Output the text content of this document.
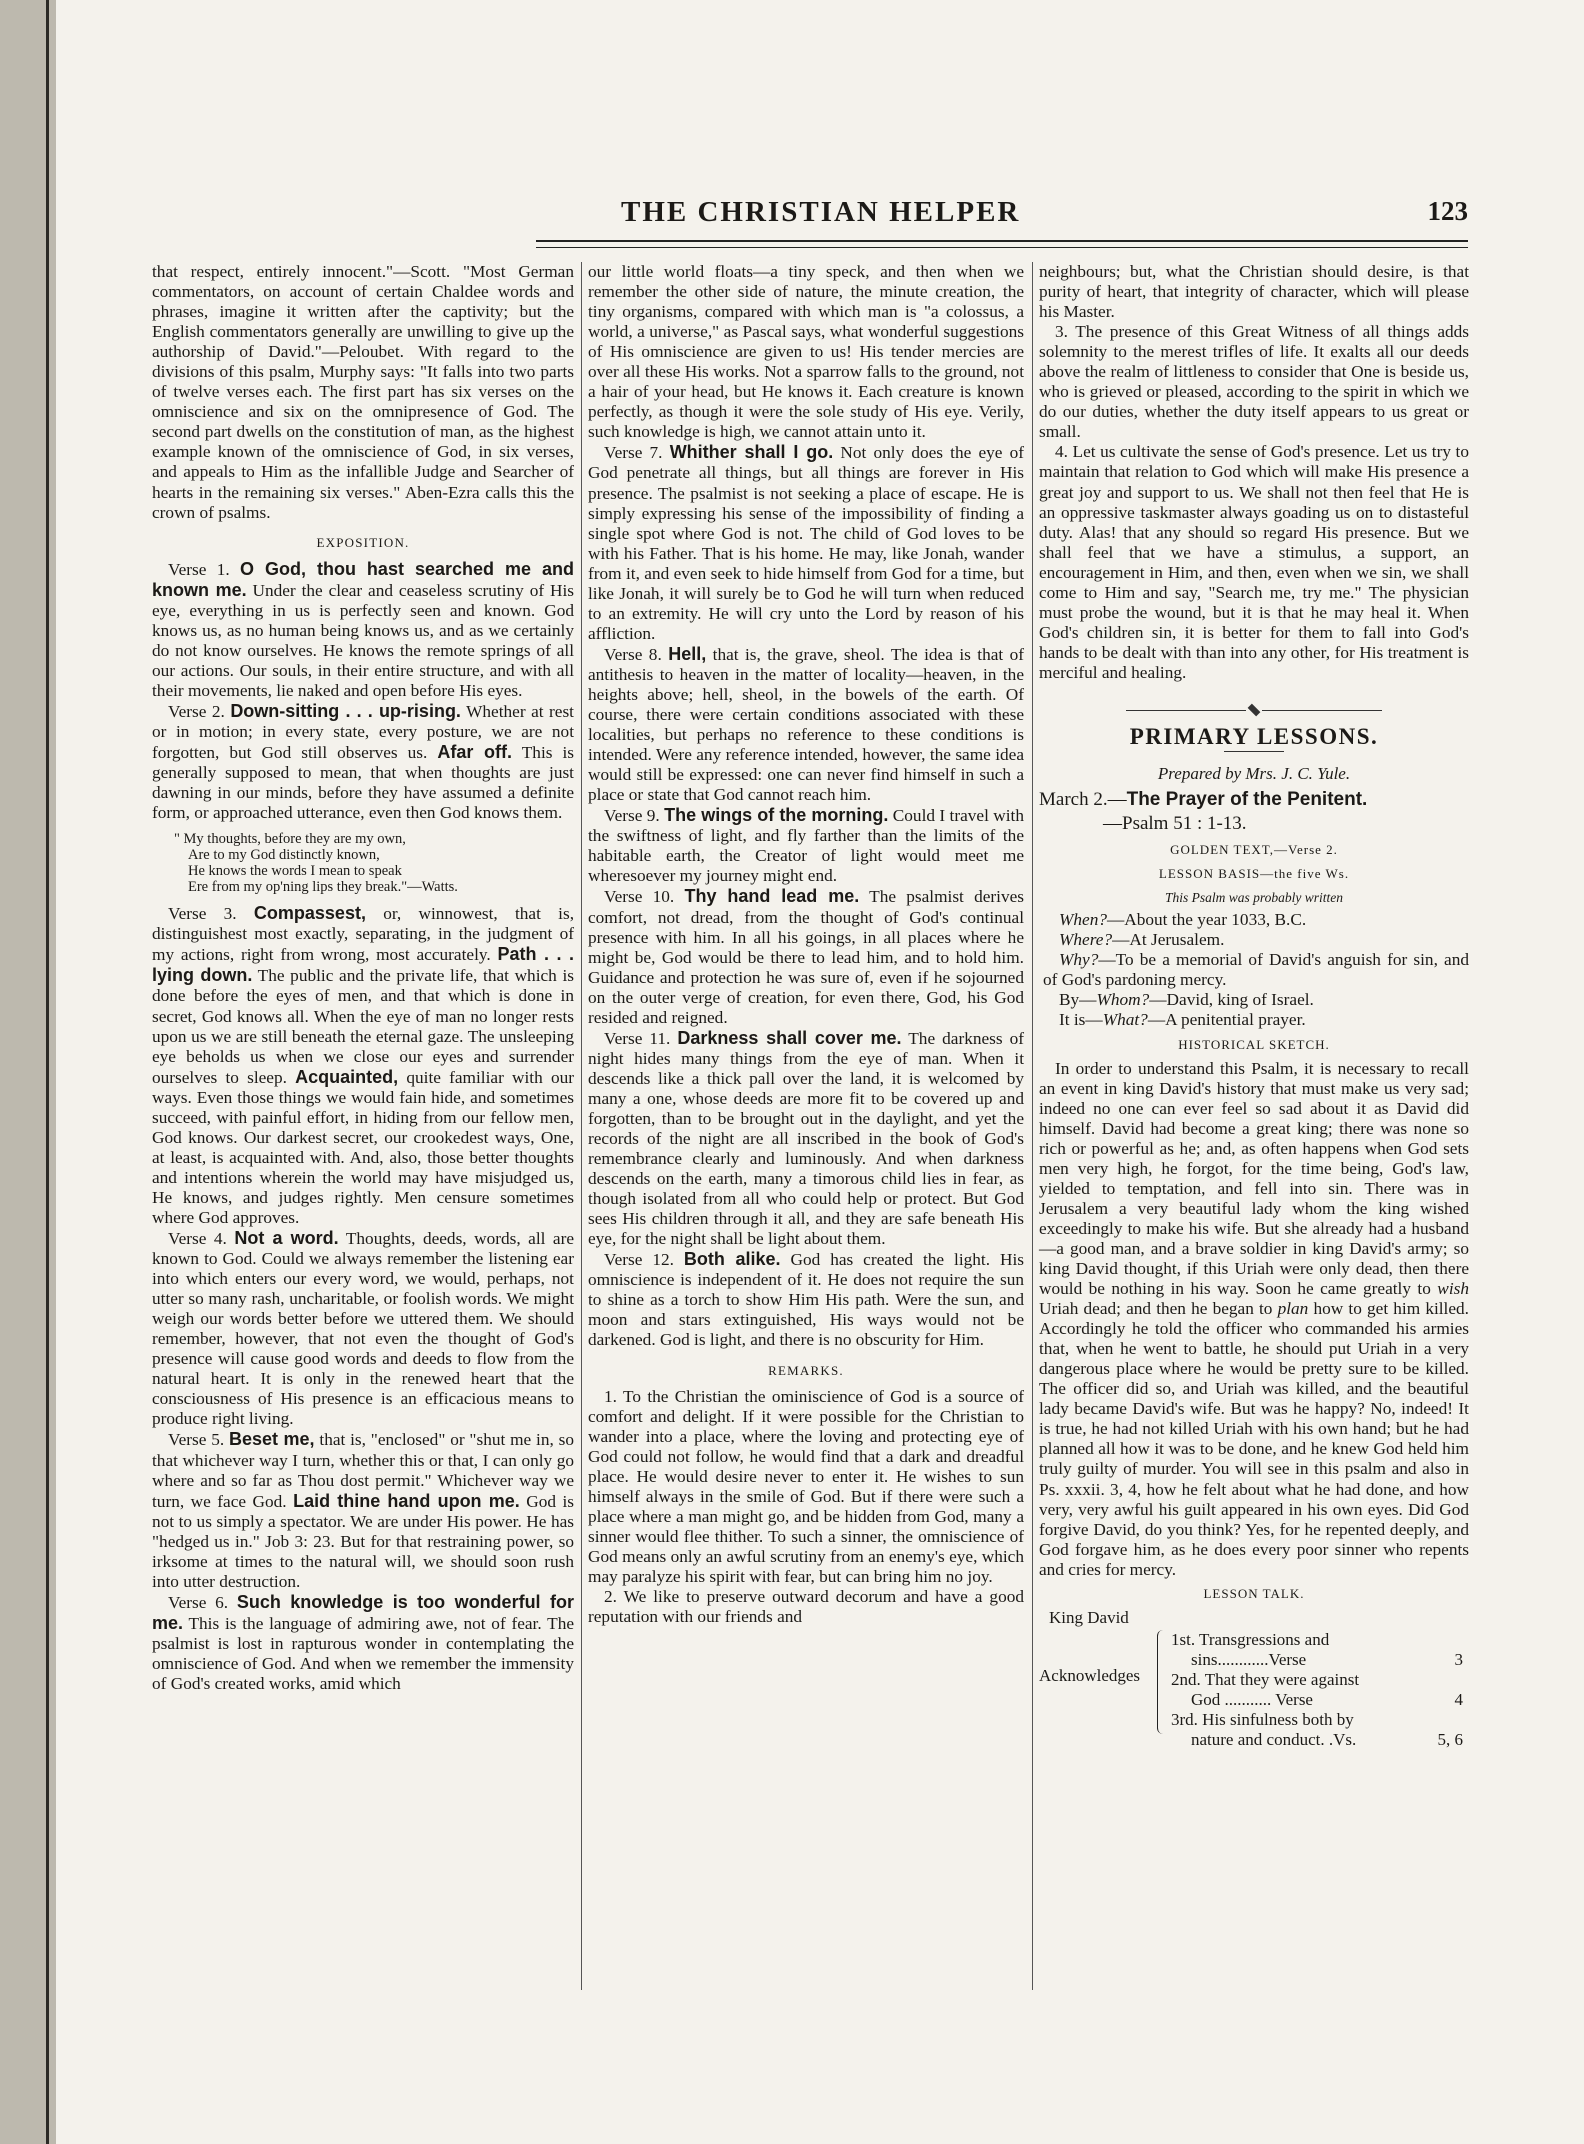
THE CHRISTIAN HELPER	123

that respect, entirely innocent."—Scott. "Most German commentators, on account of certain Chaldee words and phrases, imagine it written after the captivity; but the English commentators generally are unwilling to give up the authorship of David."—Peloubet. With regard to the divisions of this psalm, Murphy says: "It falls into two parts of twelve verses each. The first part has six verses on the omniscience and six on the omnipresence of God. The second part dwells on the constitution of man, as the highest example known of the omniscience of God, in six verses, and appeals to Him as the infallible Judge and Searcher of hearts in the remaining six verses." Aben-Ezra calls this the crown of psalms.

EXPOSITION.

Verse 1. O God, thou hast searched me and known me. Under the clear and ceaseless scrutiny of His eye, everything in us is perfectly seen and known. God knows us, as no human being knows us, and as we certainly do not know ourselves. He knows the remote springs of all our actions. Our souls, in their entire structure, and with all their movements, lie naked and open before His eyes.

Verse 2. Down-sitting . . . up-rising. Whether at rest or in motion; in every state, every posture, we are not forgotten, but God still observes us. Afar off. This is generally supposed to mean, that when thoughts are just dawning in our minds, before they have assumed a definite form, or approached utterance, even then God knows them.

" My thoughts, before they are my own,
Are to my God distinctly known,
He knows the words I mean to speak
Ere from my op'ning lips they break."—Watts.

Verse 3. Compassest, or, winnowest, that is, distinguishest most exactly, separating, in the judgment of my actions, right from wrong, most accurately. Path . . . lying down. The public and the private life, that which is done before the eyes of men, and that which is done in secret, God knows all. When the eye of man no longer rests upon us we are still beneath the eternal gaze. The unsleeping eye beholds us when we close our eyes and surrender ourselves to sleep. Acquainted, quite familiar with our ways. Even those things we would fain hide, and sometimes succeed, with painful effort, in hiding from our fellow men, God knows. Our darkest secret, our crookedest ways, One, at least, is acquainted with. And, also, those better thoughts and intentions wherein the world may have misjudged us, He knows, and judges rightly. Men censure sometimes where God approves.

Verse 4. Not a word. Thoughts, deeds, words, all are known to God. Could we always remember the listening ear into which enters our every word, we would, perhaps, not utter so many rash, uncharitable, or foolish words. We might weigh our words better before we uttered them. We should remember, however, that not even the thought of God's presence will cause good words and deeds to flow from the natural heart. It is only in the renewed heart that the consciousness of His presence is an efficacious means to produce right living.

Verse 5. Beset me, that is, "enclosed" or "shut me in, so that whichever way I turn, whether this or that, I can only go where and so far as Thou dost permit." Whichever way we turn, we face God. Laid thine hand upon me. God is not to us simply a spectator. We are under His power. He has "hedged us in." Job 3: 23. But for that restraining power, so irksome at times to the natural will, we should soon rush into utter destruction.

Verse 6. Such knowledge is too wonderful for me. This is the language of admiring awe, not of fear. The psalmist is lost in rapturous wonder in contemplating the omniscience of God. And when we remember the immensity of God's created works, amid which

our little world floats—a tiny speck, and then when we remember the other side of nature, the minute creation, the tiny organisms, compared with which man is "a colossus, a world, a universe," as Pascal says, what wonderful suggestions of His omniscience are given to us! His tender mercies are over all these His works. Not a sparrow falls to the ground, not a hair of your head, but He knows it. Each creature is known perfectly, as though it were the sole study of His eye. Verily, such knowledge is high, we cannot attain unto it.

Verse 7. Whither shall I go. Not only does the eye of God penetrate all things, but all things are forever in His presence. The psalmist is not seeking a place of escape. He is simply expressing his sense of the impossibility of finding a single spot where God is not. The child of God loves to be with his Father. That is his home. He may, like Jonah, wander from it, and even seek to hide himself from God for a time, but like Jonah, it will surely be to God he will turn when reduced to an extremity. He will cry unto the Lord by reason of his affliction.

Verse 8. Hell, that is, the grave, sheol. The idea is that of antithesis to heaven in the matter of locality—heaven, in the heights above; hell, sheol, in the bowels of the earth. Of course, there were certain conditions associated with these localities, but perhaps no reference to these conditions is intended. Were any reference intended, however, the same idea would still be expressed: one can never find himself in such a place or state that God cannot reach him.

Verse 9. The wings of the morning. Could I travel with the swiftness of light, and fly farther than the limits of the habitable earth, the Creator of light would meet me wheresoever my journey might end.

Verse 10. Thy hand lead me. The psalmist derives comfort, not dread, from the thought of God's continual presence with him. In all his goings, in all places where he might be, God would be there to lead him, and to hold him. Guidance and protection he was sure of, even if he sojourned on the outer verge of creation, for even there, God, his God resided and reigned.

Verse 11. Darkness shall cover me. The darkness of night hides many things from the eye of man. When it descends like a thick pall over the land, it is welcomed by many a one, whose deeds are more fit to be covered up and forgotten, than to be brought out in the daylight, and yet the records of the night are all inscribed in the book of God's remembrance clearly and luminously. And when darkness descends on the earth, many a timorous child lies in fear, as though isolated from all who could help or protect. But God sees His children through it all, and they are safe beneath His eye, for the night shall be light about them.

Verse 12. Both alike. God has created the light. His omniscience is independent of it. He does not require the sun to shine as a torch to show Him His path. Were the sun, and moon and stars extinguished, His ways would not be darkened. God is light, and there is no obscurity for Him.

REMARKS.

1. To the Christian the ominiscience of God is a source of comfort and delight. If it were possible for the Christian to wander into a place, where the loving and protecting eye of God could not follow, he would find that a dark and dreadful place. He would desire never to enter it. He wishes to sun himself always in the smile of God. But if there were such a place where a man might go, and be hidden from God, many a sinner would flee thither. To such a sinner, the omniscience of God means only an awful scrutiny from an enemy's eye, which may paralyze his spirit with fear, but can bring him no joy.

2. We like to preserve outward decorum and have a good reputation with our friends and

neighbours; but, what the Christian should desire, is that purity of heart, that integrity of character, which will please his Master.

3. The presence of this Great Witness of all things adds solemnity to the merest trifles of life. It exalts all our deeds above the realm of littleness to consider that One is beside us, who is grieved or pleased, according to the spirit in which we do our duties, whether the duty itself appears to us great or small.

4. Let us cultivate the sense of God's presence. Let us try to maintain that relation to God which will make His presence a great joy and support to us. We shall not then feel that He is an oppressive taskmaster always goading us on to distasteful duty. Alas! that any should so regard His presence. But we shall feel that we have a stimulus, a support, an encouragement in Him, and then, even when we sin, we shall come to Him and say, "Search me, try me." The physician must probe the wound, but it is that he may heal it. When God's children sin, it is better for them to fall into God's hands to be dealt with than into any other, for His treatment is merciful and healing.

PRIMARY LESSONS.
Prepared by Mrs. J. C. Yule.
March 2.—The Prayer of the Penitent.
—Psalm 51 : 1-13.
GOLDEN TEXT,—Verse 2.
LESSON BASIS—the five Ws.
This Psalm was probably written

When?—About the year 1033, B.C.

Where?—At Jerusalem.

Why?—To be a memorial of David's anguish for sin, and of God's pardoning mercy.

By—Whom?—David, king of Israel.

It is—What?—A penitential prayer.

HISTORICAL SKETCH.

In order to understand this Psalm, it is necessary to recall an event in king David's history that must make us very sad; indeed no one can ever feel so sad about it as David did himself. David had become a great king; there was none so rich or powerful as he; and, as often happens when God sets men very high, he forgot, for the time being, God's law, yielded to temptation, and fell into sin. There was in Jerusalem a very beautiful lady whom the king wished exceedingly to make his wife. But she already had a husband—a good man, and a brave soldier in king David's army; so king David thought, if this Uriah were only dead, then there would be nothing in his way. Soon he came greatly to wish Uriah dead; and then he began to plan how to get him killed. Accordingly he told the officer who commanded his armies that, when he went to battle, he should put Uriah in a very dangerous place where he would be pretty sure to be killed. The officer did so, and Uriah was killed, and the beautiful lady became David's wife. But was he happy? No, indeed! It is true, he had not killed Uriah with his own hand; but he had planned all how it was to be done, and he knew God held him truly guilty of murder. You will see in this psalm and also in Ps. xxxii. 3, 4, how he felt about what he had done, and how very, very awful his guilt appeared in his own eyes. Did God forgive David, do you think? Yes, for he repented deeply, and God forgave him, as he does every poor sinner who repents and cries for mercy.

LESSON TALK.
King David
Acknowledges
1st. Transgressions and
sins............Verse	3
2nd. That they were against
God ........... Verse	4
3rd. His sinfulness both by
nature and conduct. .Vs.	5, 6
